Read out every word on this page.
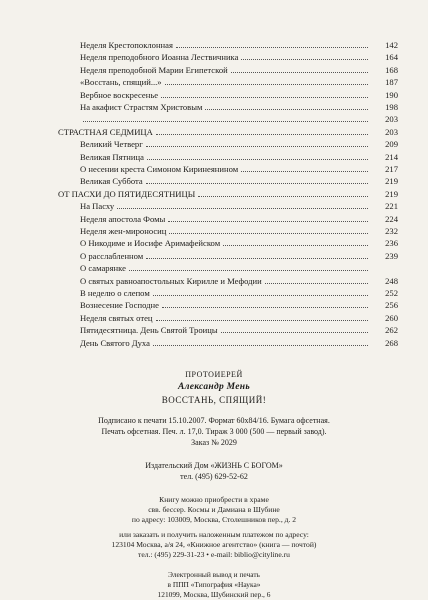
Неделя Крестопоклонная	142
Неделя преподобного Иоанна Лествичника	164
Неделя преподобной Марии Египетской	168
«Восстань, спящий...»	187
Вербное воскресенье	190
На акафист Страстям Христовым	198
203
СТРАСТНАЯ СЕДМИЦА	203
Великий Четверг	209
Великая Пятница	214
О несении креста Симоном Киринеянином	217
Великая Суббота	219
ОТ ПАСХИ ДО ПЯТИДЕСЯТНИЦЫ	219
На Пасху	221
Неделя апостола Фомы	224
Неделя жен-мироносиц	232
О Никодиме и Иосифе Аримафейском	236
О расслабленном	239
О самарянке
О святых равноапостольных Кирилле и Мефодии	248
В неделю о слепом	252
Вознесение Господне	256
Неделя святых отец	260
Пятидесятница. День Святой Троицы	262
День Святого Духа	268
ПРОТОИЕРЕЙ
Александр Мень
ВОССТАНЬ, СПЯЩИЙ!
Подписано к печати 15.10.2007. Формат 60х84/16. Бумага офсетная.
Печать офсетная. Печ. л. 17,0. Тираж 3 000 (500 — первый завод).
Заказ № 2029
Издательский Дом «ЖИЗНЬ С БОГОМ»
тел. (495) 629-52-62
Книгу можно приобрести в храме
свв. бессер. Космы и Дамиана в Шубине
по адресу: 103009, Москва, Столешников пер., д. 2
или заказать и получить наложенным платежом по адресу:
123104 Москва, а/я 24, «Книжное агентство» (книга — почтой)
тел.: (495) 229-31-23 • e-mail: biblio@cityline.ru
Электронный вывод и печать
в ППП «Типография «Наука»
121099, Москва, Шубинский пер., 6
